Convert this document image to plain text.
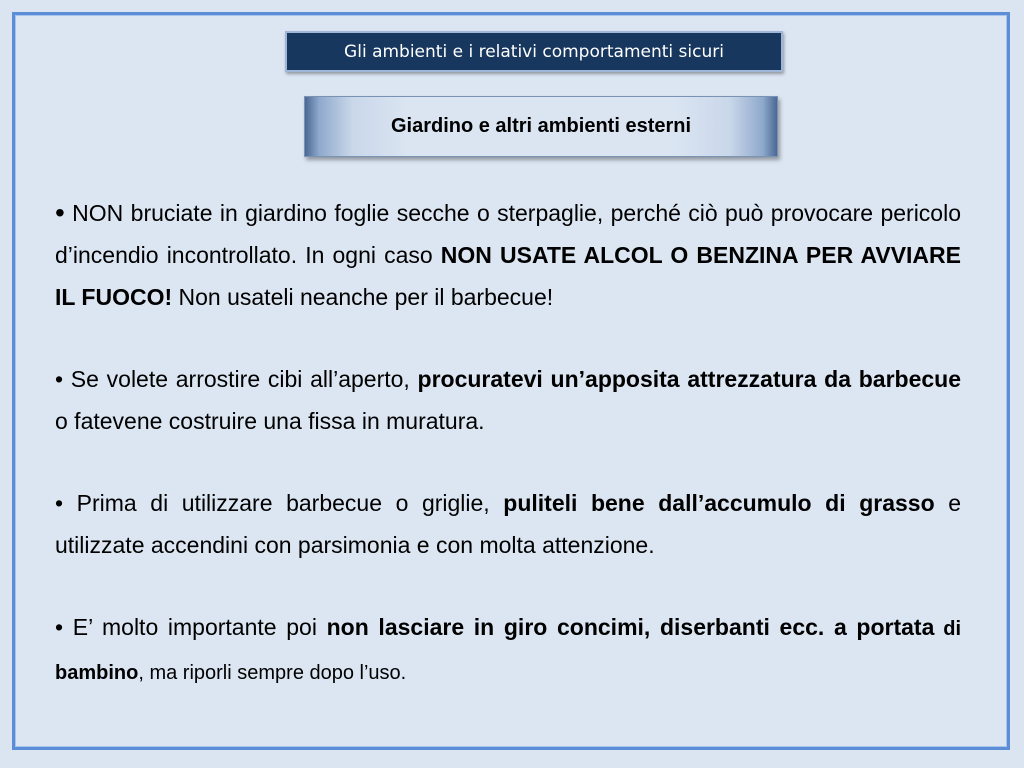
Gli ambienti e i relativi comportamenti sicuri
Giardino e altri ambienti esterni

• NON bruciate in giardino foglie secche o sterpaglie, perché ciò può provocare pericolo d’incendio incontrollato. In ogni caso NON USATE ALCOL O BENZINA PER AVVIARE IL FUOCO! Non usateli neanche per il barbecue!

• Se volete arrostire cibi all’aperto, procuratevi un’apposita attrezzatura da barbecue o fatevene costruire una fissa in muratura.

• Prima di utilizzare barbecue o griglie, puliteli bene dall’accumulo di grasso e utilizzate accendini con parsimonia e con molta attenzione.

• E’ molto importante poi non lasciare in giro concimi, diserbanti ecc. a portata di bambino, ma riporli sempre dopo l’uso.
